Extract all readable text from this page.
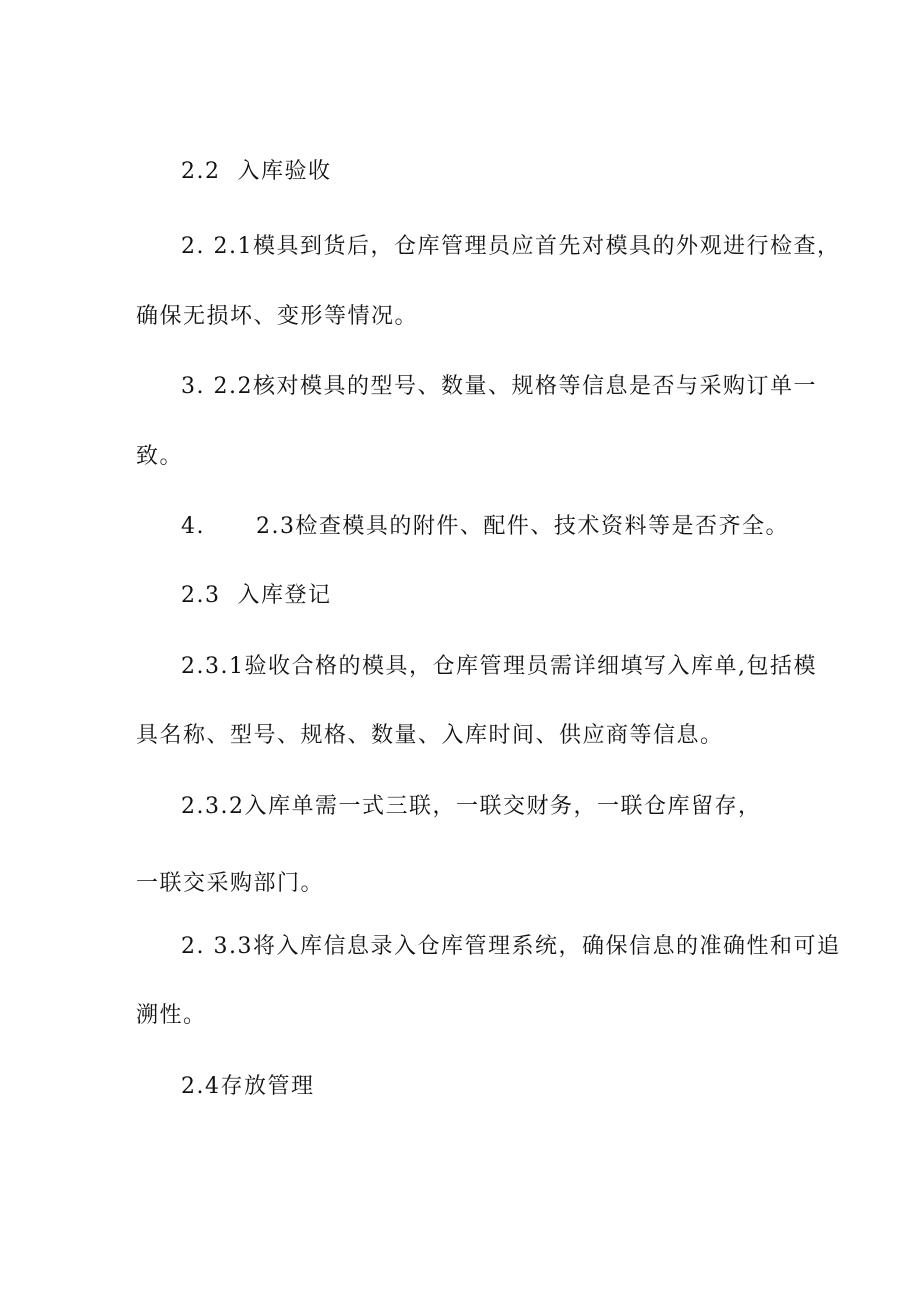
2.2  入库验收
2. 2.1模具到货后，仓库管理员应首先对模具的外观进行检查，
确保无损坏、变形等情况。
3. 2.2核对模具的型号、数量、规格等信息是否与采购订单一
致。
4.      2.3检查模具的附件、配件、技术资料等是否齐全。
2.3  入库登记
2.3.1验收合格的模具，仓库管理员需详细填写入库单,包括模
具名称、型号、规格、数量、入库时间、供应商等信息。
2.3.2入库单需一式三联，一联交财务，一联仓库留存，
一联交采购部门。
2. 3.3将入库信息录入仓库管理系统，确保信息的准确性和可追
溯性。
2.4存放管理
